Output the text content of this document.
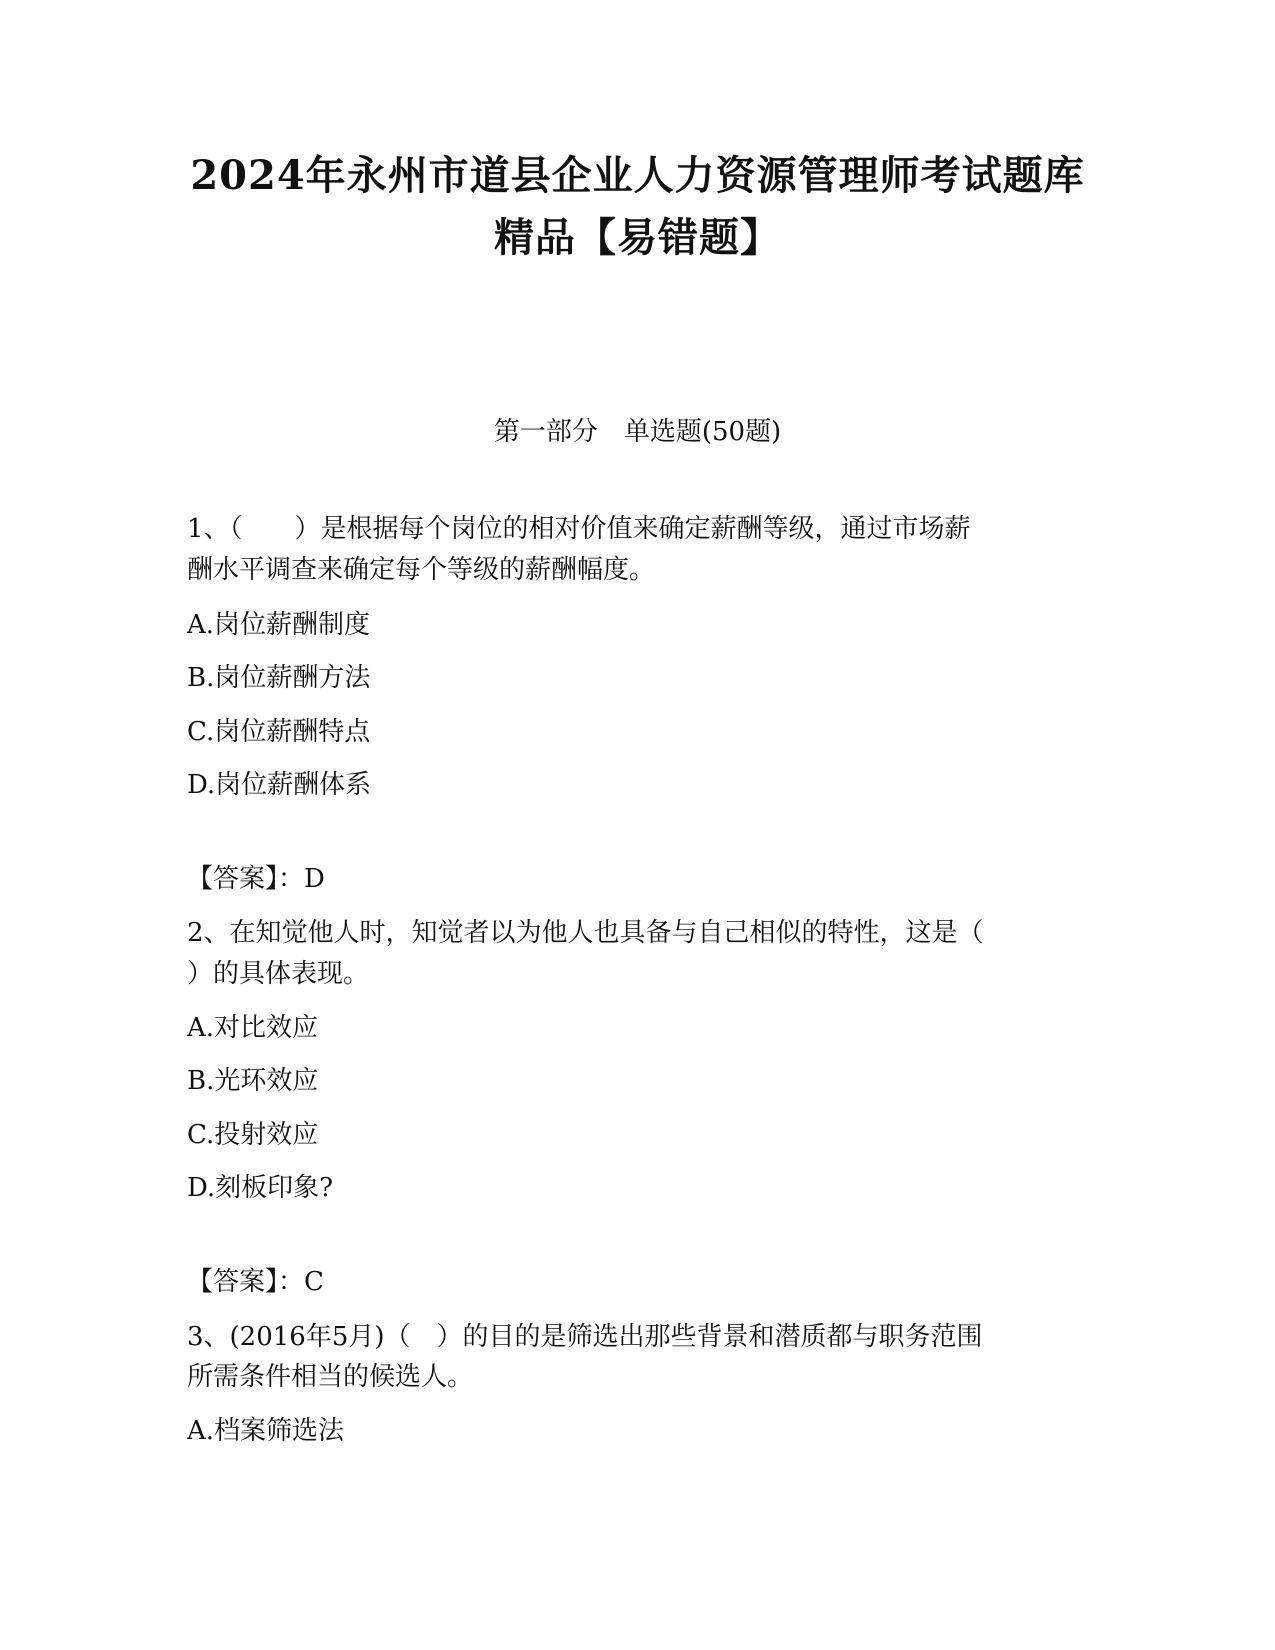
2024年永州市道县企业人力资源管理师考试题库
精品【易错题】
第一部分　单选题(50题)
1、（　　）是根据每个岗位的相对价值来确定薪酬等级，通过市场薪
酬水平调查来确定每个等级的薪酬幅度。
A.岗位薪酬制度
B.岗位薪酬方法
C.岗位薪酬特点
D.岗位薪酬体系
【答案】：D
2、在知觉他人时，知觉者以为他人也具备与自己相似的特性，这是（
）的具体表现。
A.对比效应
B.光环效应
C.投射效应
D.刻板印象?
【答案】：C
3、(2016年5月)（　）的目的是筛选出那些背景和潜质都与职务范围
所需条件相当的候选人。
A.档案筛选法
